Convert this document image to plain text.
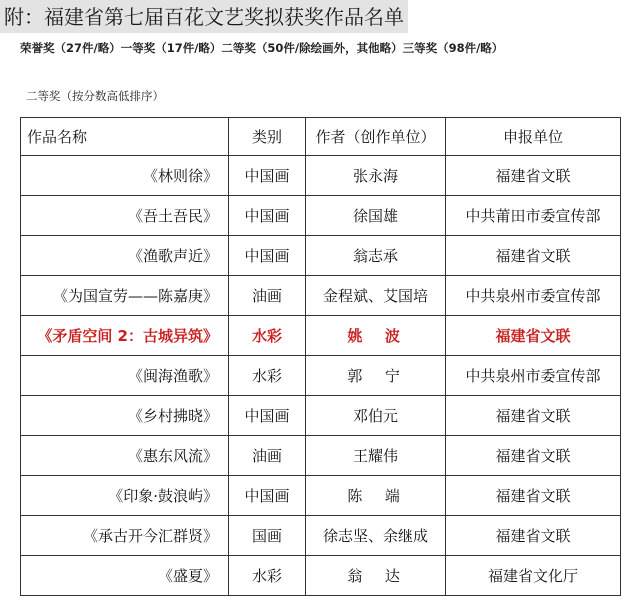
附：福建省第七届百花文艺奖拟获奖作品名单
荣誉奖（27件/略）一等奖（17件/略）二等奖（50件/除绘画外，其他略）三等奖（98件/略）
二等奖（按分数高低排序）
作品名称	类别	作者（创作单位）	申报单位
《林则徐》	中国画	张永海	福建省文联
《吾土吾民》	中国画	徐国雄	中共莆田市委宣传部
《渔歌声近》	中国画	翁志承	福建省文联
《为国宣劳——陈嘉庚》	油画	金程斌、艾国培	中共泉州市委宣传部
《矛盾空间 2：古城异筑》	水彩	姚　波	福建省文联
《闽海渔歌》	水彩	郭　宁	中共泉州市委宣传部
《乡村拂晓》	中国画	邓伯元	福建省文联
《惠东风流》	油画	王耀伟	福建省文联
《印象·鼓浪屿》	中国画	陈　端	福建省文联
《承古开今汇群贤》	国画	徐志坚、余继成	福建省文联
《盛夏》	水彩	翁　达	福建省文化厅
